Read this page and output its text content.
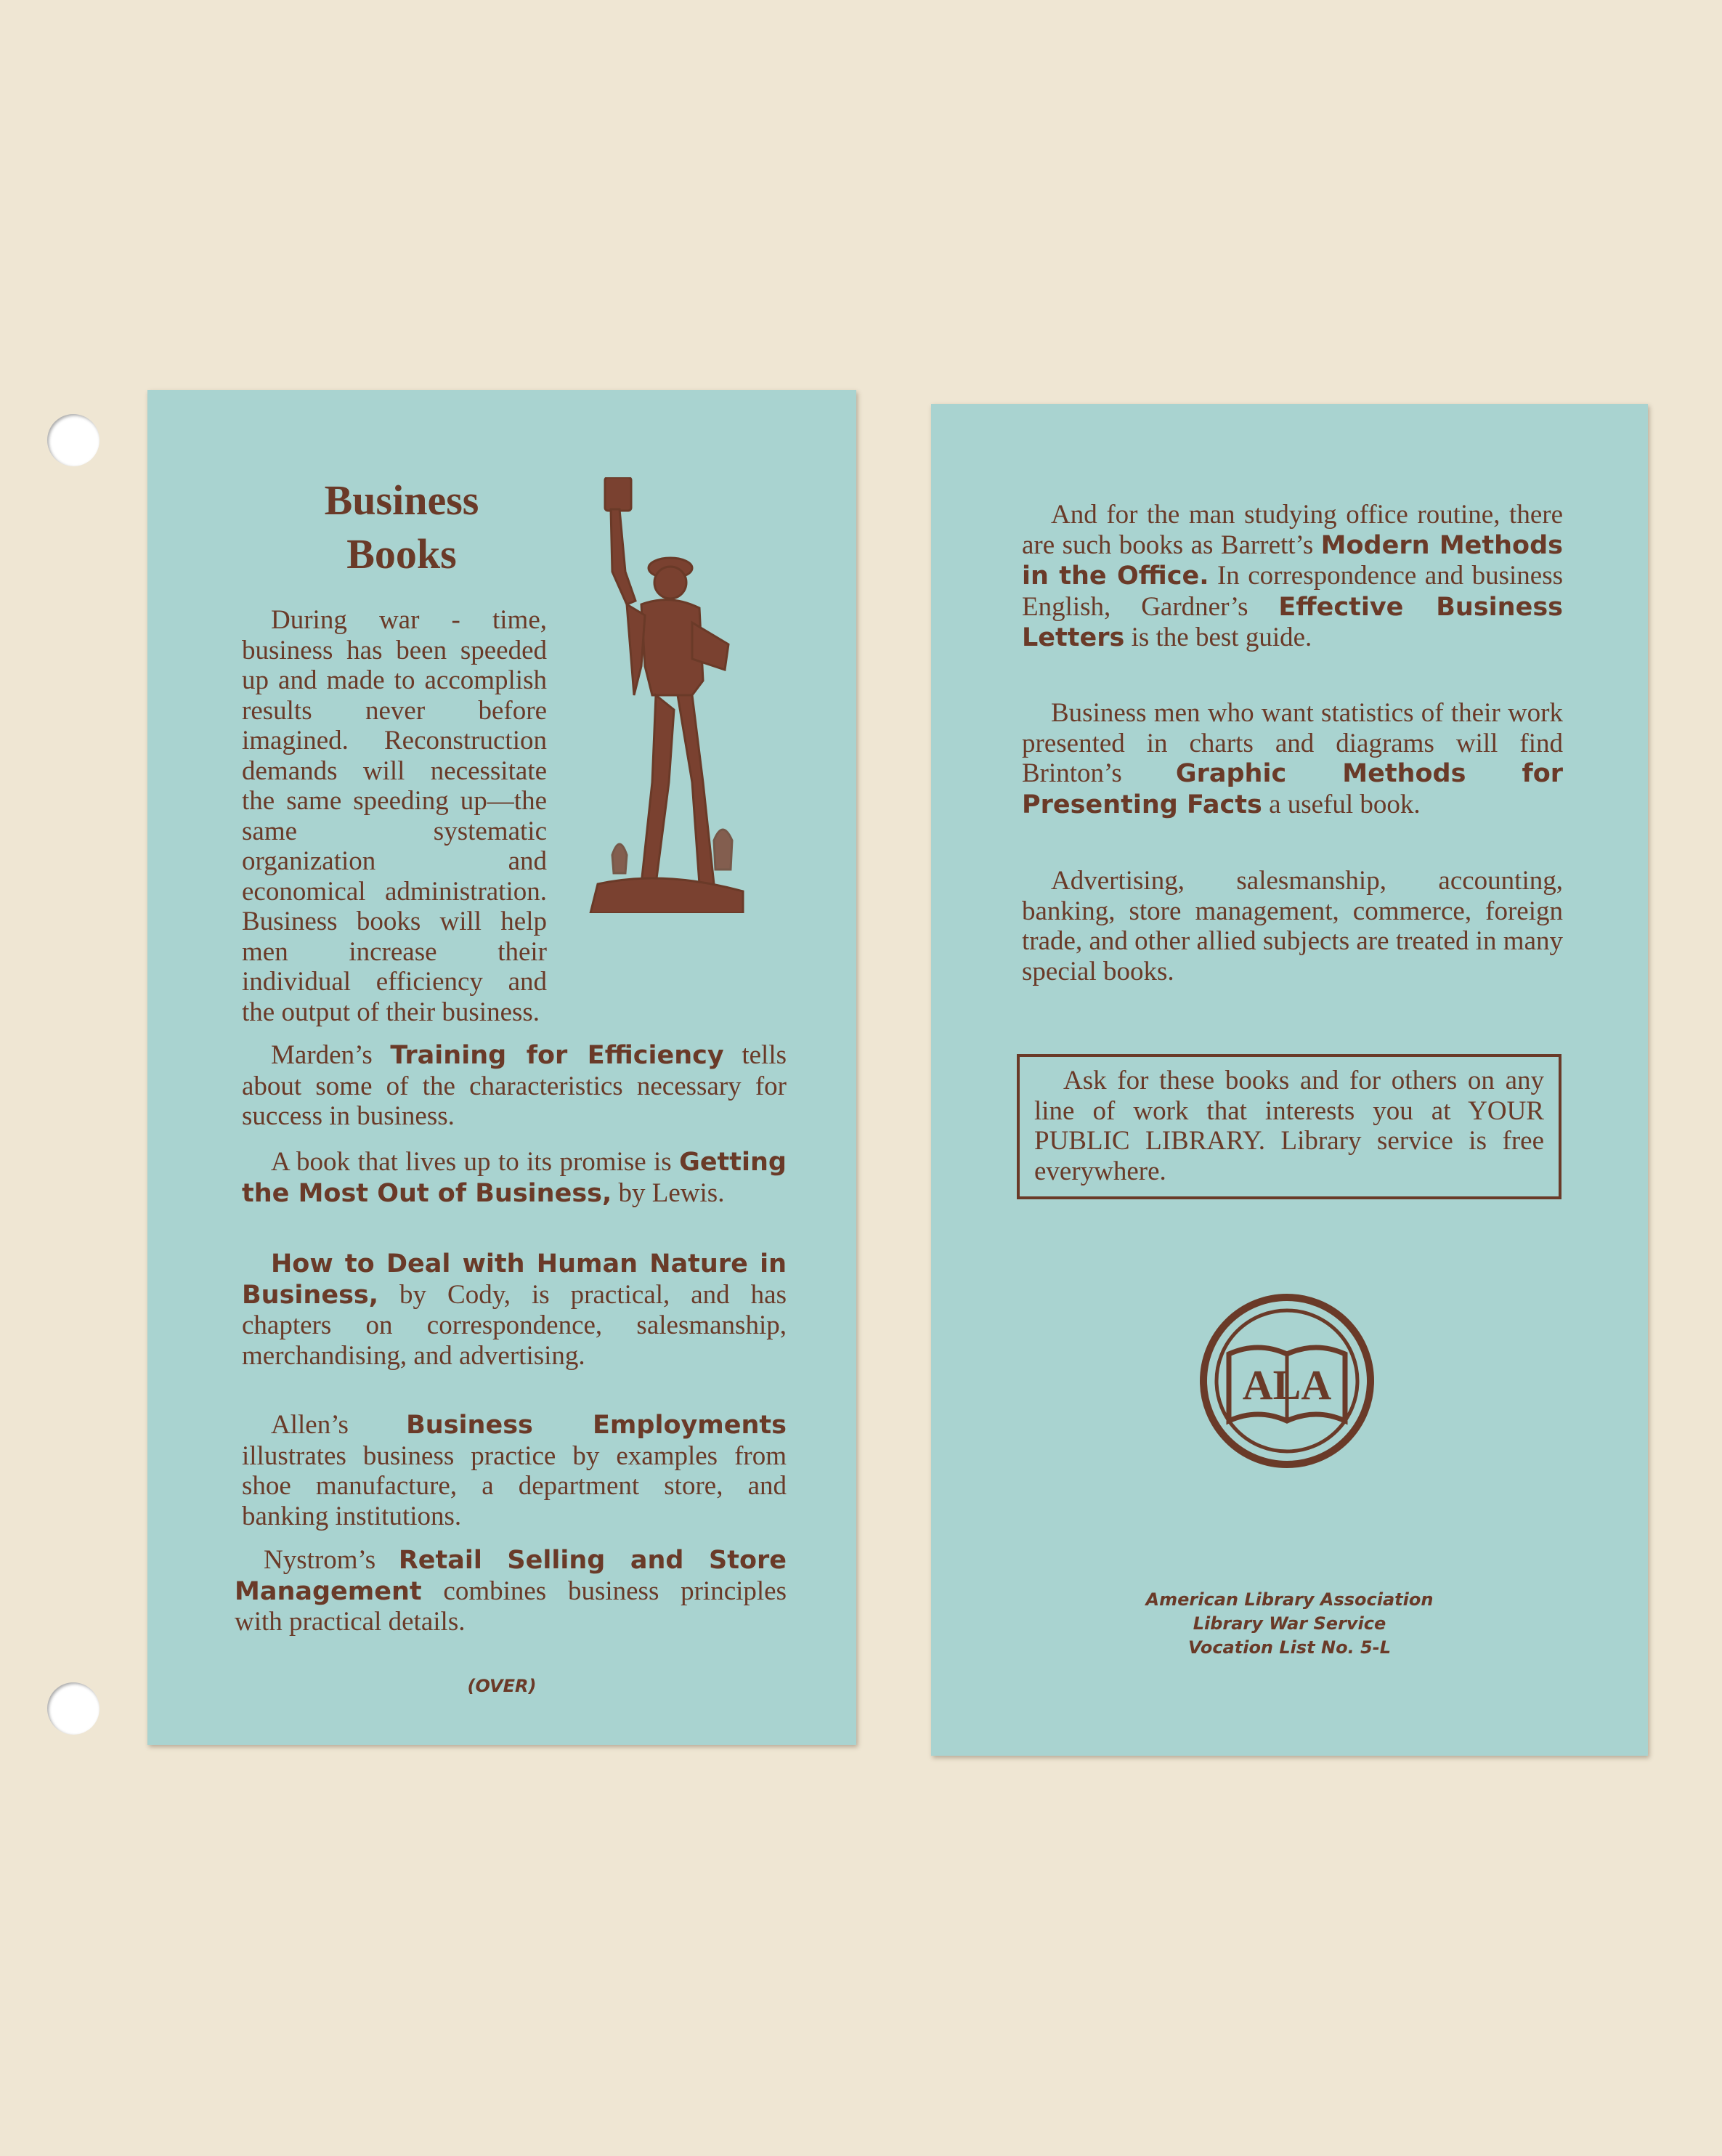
Business
Books

During war - time, business has been speeded up and made to accomplish results never before imagined. Reconstruction demands will necessitate the same speeding up—the same systematic organization and economical administration. Business books will help men increase their individual efficiency and the output of their business.

Marden’s Training for Efficiency tells about some of the characteristics necessary for success in business.

A book that lives up to its promise is Getting the Most Out of Business, by Lewis.

How to Deal with Human Nature in Business, by Cody, is practical, and has chapters on correspondence, salesmanship, merchandising, and advertising.

Allen’s Business Employments illustrates business practice by examples from shoe manufacture, a department store, and banking institutions.

Nystrom’s Retail Selling and Store Management combines business principles with practical details.

(OVER)

And for the man studying office routine, there are such books as Barrett’s Modern Methods in the Office. In correspondence and business English, Gardner’s Effective Business Letters is the best guide.

Business men who want statistics of their work presented in charts and diagrams will find Brinton’s Graphic Methods for Presenting Facts a useful book.

Advertising, salesmanship, accounting, banking, store management, commerce, foreign trade, and other allied subjects are treated in many special books.

Ask for these books and for others on any line of work that interests you at YOUR PUBLIC LIBRARY. Library service is free everywhere.

ALA
American Library Association
Library War Service
Vocation List No. 5-L
